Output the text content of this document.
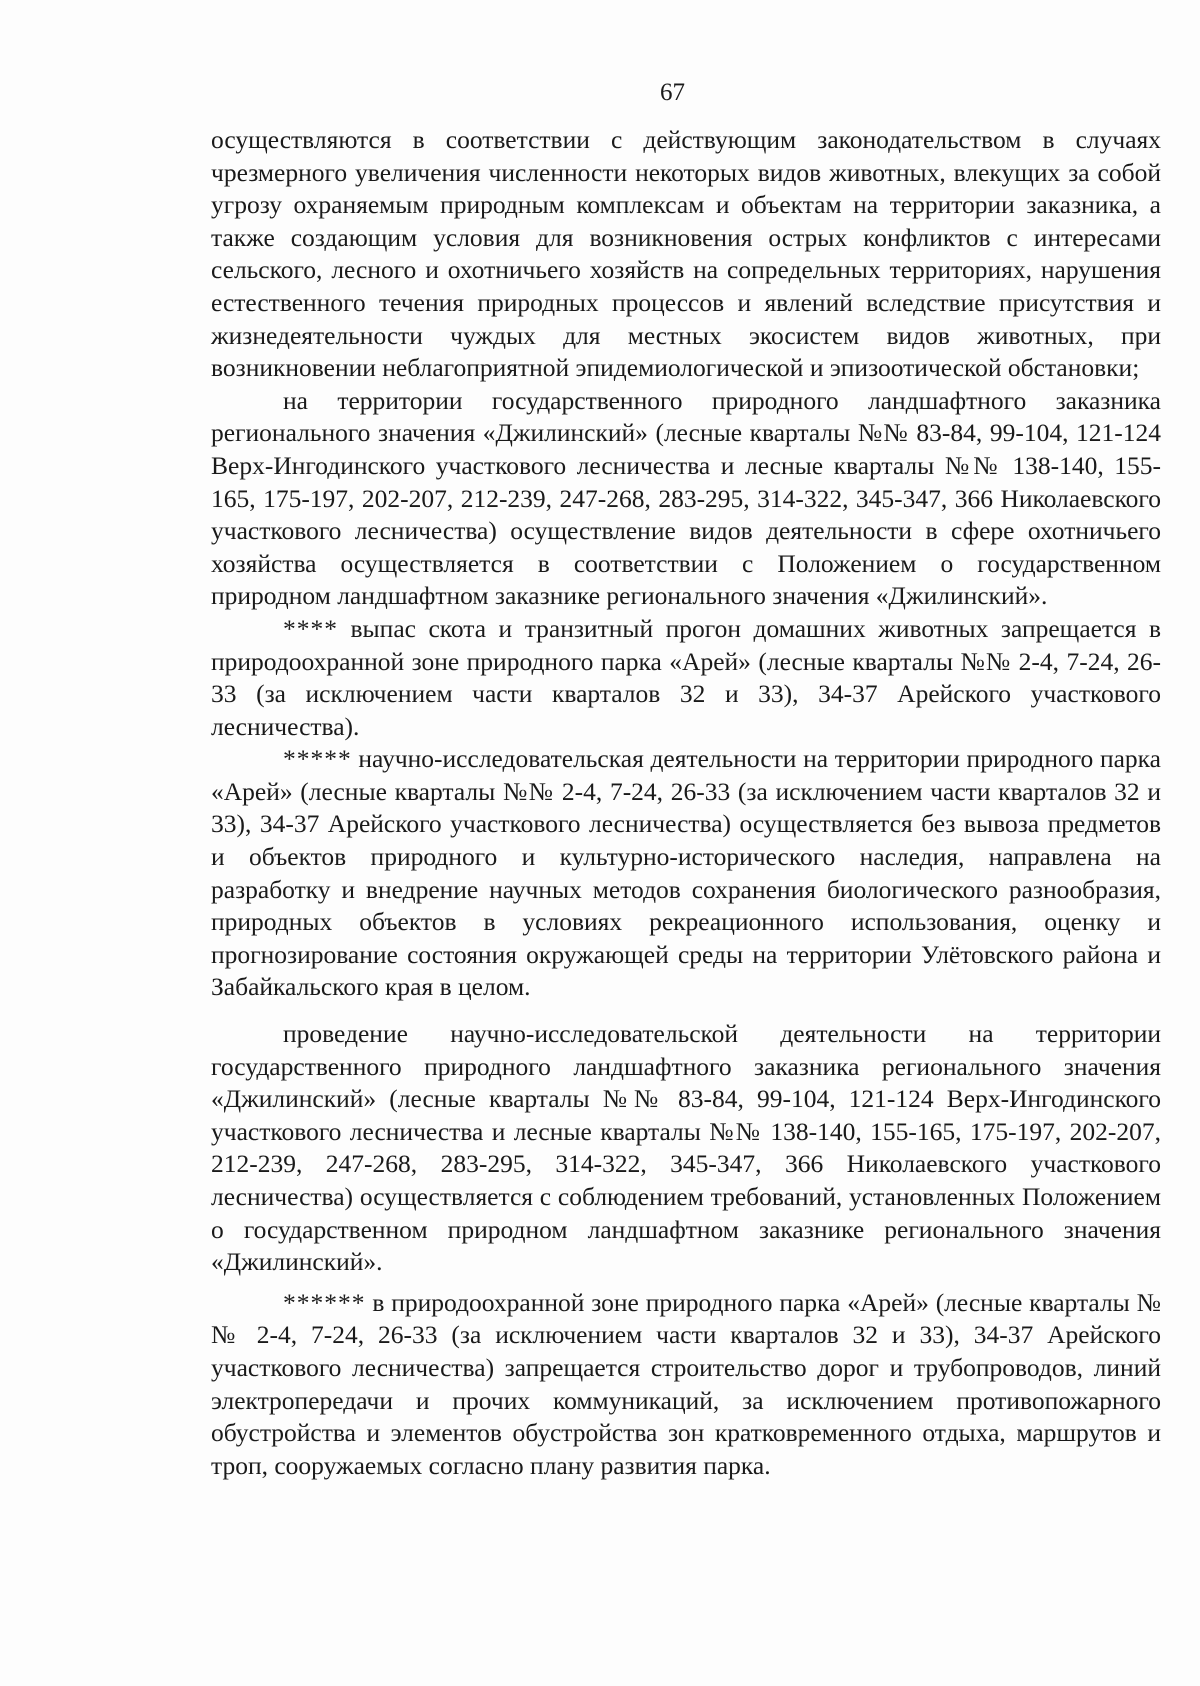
67

осуществляются в соответствии с действующим законодательством в случаях чрезмерного увеличения численности некоторых видов животных, влекущих за собой угрозу охраняемым природным комплексам и объектам на территории заказника, а также создающим условия для возникновения острых конфликтов с интересами сельского, лесного и охотничьего хозяйств на сопредельных территориях, нарушения естественного течения природных процессов и явлений вследствие присутствия и жизнедеятельности чуждых для местных экосистем видов животных, при возникновении неблагоприятной эпидемиологической и эпизоотической обстановки;

на территории государственного природного ландшафтного заказника регионального значения «Джилинский» (лесные кварталы №№ 83-84, 99-104, 121-124 Верх-Ингодинского участкового лесничества и лесные кварталы №№ 138-140, 155-165, 175-197, 202-207, 212-239, 247-268, 283-295, 314-322, 345-347, 366 Николаевского участкового лесничества) осуществление видов деятельности в сфере охотничьего хозяйства осуществляется в соответствии с Положением о государственном природном ландшафтном заказнике регионального значения «Джилинский».

**** выпас скота и транзитный прогон домашних животных запрещается в природоохранной зоне природного парка «Арей» (лесные кварталы №№ 2-4, 7-24, 26-33 (за исключением части кварталов 32 и 33), 34-37 Арейского участкового лесничества).

***** научно-исследовательская деятельности на территории природного парка «Арей» (лесные кварталы №№ 2-4, 7-24, 26-33 (за исключением части кварталов 32 и 33), 34-37 Арейского участкового лесничества) осуществляется без вывоза предметов и объектов природного и культурно-исторического наследия, направлена на разработку и внедрение научных методов сохранения биологического разнообразия, природных объектов в условиях рекреационного использования, оценку и прогнозирование состояния окружающей среды на территории Улётовского района и Забайкальского края в целом.

проведение научно-исследовательской деятельности на территории государственного природного ландшафтного заказника регионального значения «Джилинский» (лесные кварталы №№ 83-84, 99-104, 121-124 Верх-Ингодинского участкового лесничества и лесные кварталы №№ 138-140, 155-165, 175-197, 202-207, 212-239, 247-268, 283-295, 314-322, 345-347, 366 Николаевского участкового лесничества) осуществляется с соблюдением требований, установленных Положением о государственном природном ландшафтном заказнике регионального значения «Джилинский».

****** в природоохранной зоне природного парка «Арей» (лесные кварталы №№ 2-4, 7-24, 26-33 (за исключением части кварталов 32 и 33), 34-37 Арейского участкового лесничества) запрещается строительство дорог и трубопроводов, линий электропередачи и прочих коммуникаций, за исключением противопожарного обустройства и элементов обустройства зон кратковременного отдыха, маршрутов и троп, сооружаемых согласно плану развития парка.
